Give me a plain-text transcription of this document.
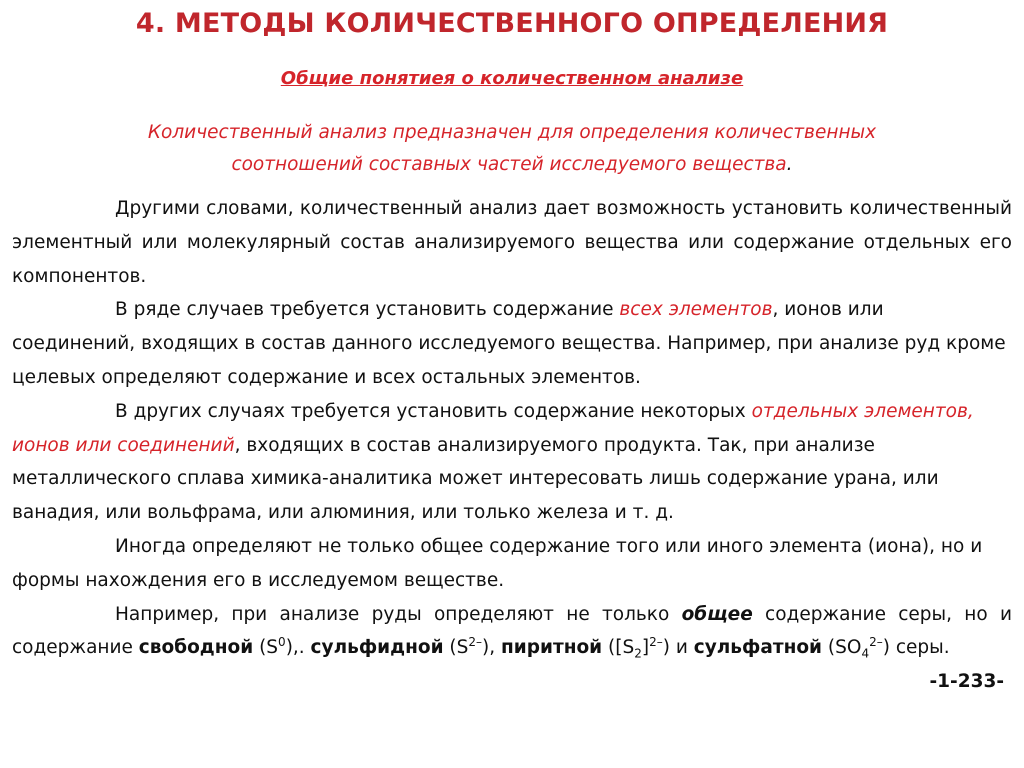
4. МЕТОДЫ КОЛИЧЕСТВЕННОГО ОПРЕДЕЛЕНИЯ
Общие понятиея о количественном анализе
Количественный анализ предназначен для определения количественных
соотношений составных частей исследуемого вещества.

Другими словами, количественный анализ дает возможность установить количественный элементный или молекулярный состав анализируемого вещества или содержание отдельных его компонентов.

В ряде случаев требуется установить содержание всех элементов, ионов или соединений, входящих в состав данного исследуемого вещества. Например, при анализе руд кроме целевых определяют содержание и всех остальных элементов.

В других случаях требуется установить содержание некоторых отдельных элементов, ионов или соединений, входящих в состав анализируемого продукта. Так, при анализе металлического сплава химика-аналитика может интересовать лишь содержание урана, или ванадия, или вольфрама, или алюминия, или только железа и т. д.

Иногда определяют не только общее содержание того или иного элемента (иона), но и формы нахождения его в исследуемом веществе.

Например, при анализе руды определяют не только общее содержание серы, но и содержание свободной $(S^0)$,. сульфидной $(S^{2-})$, пиритной $([S_2]^{2-})$ и сульфатной $(SO_4^{2-})$ серы.
-1-233-
